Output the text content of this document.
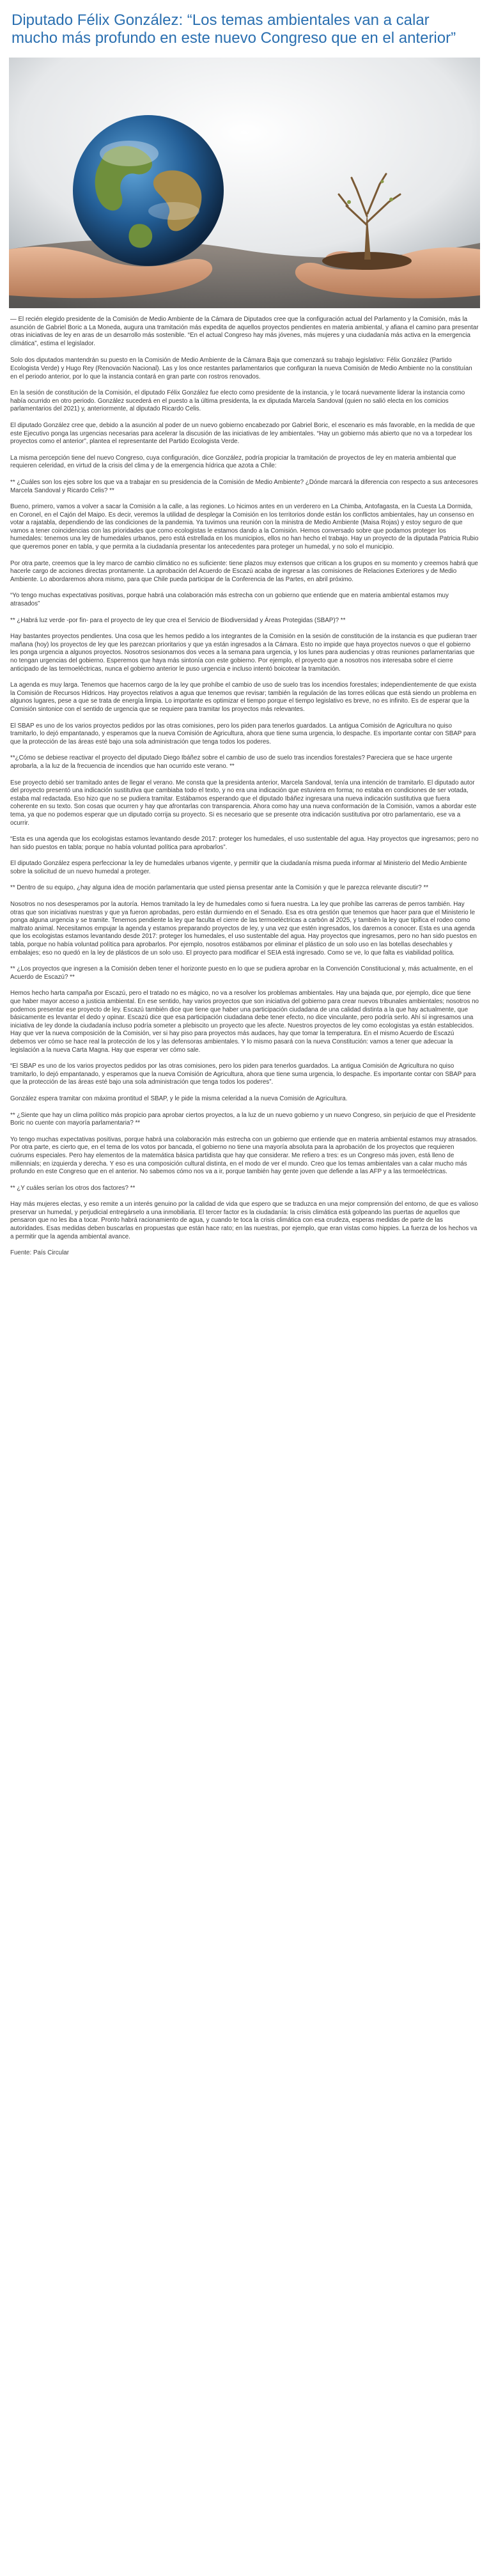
Diputado Félix González: “Los temas ambientales van a calar mucho más profundo en este nuevo Congreso que en el anterior”

— El recién elegido presidente de la Comisión de Medio Ambiente de la Cámara de Diputados cree que la configuración actual del Parlamento y la Comisión, más la asunción de Gabriel Boric a La Moneda, augura una tramitación más expedita de aquellos proyectos pendientes en materia ambiental, y afiana el camino para presentar otras iniciativas de ley en aras de un desarrollo más sostenible. “En el actual Congreso hay más jóvenes, más mujeres y una ciudadanía más activa en la emergencia climática”, estima el legislador.

Solo dos diputados mantendrán su puesto en la Comisión de Medio Ambiente de la Cámara Baja que comenzará su trabajo legislativo: Félix González (Partido Ecologista Verde) y Hugo Rey (Renovación Nacional). Las y los once restantes parlamentarios que configuran la nueva Comisión de Medio Ambiente no la constituían en el periodo anterior, por lo que la instancia contará en gran parte con rostros renovados.

En la sesión de constitución de la Comisión, el diputado Félix González fue electo como presidente de la instancia, y le tocará nuevamente liderar la instancia como había ocurrido en otro periodo. González sucederá en el puesto a la última presidenta, la ex diputada Marcela Sandoval (quien no salió electa en los comicios parlamentarios del 2021) y, anteriormente, al diputado Ricardo Celis.

El diputado González cree que, debido a la asunción al poder de un nuevo gobierno encabezado por Gabriel Boric, el escenario es más favorable, en la medida de que este Ejecutivo ponga las urgencias necesarias para acelerar la discusión de las iniciativas de ley ambientales. “Hay un gobierno más abierto que no va a torpedear los proyectos como el anterior”, plantea el representante del Partido Ecologista Verde.

La misma percepción tiene del nuevo Congreso, cuya configuración, dice González, podría propiciar la tramitación de proyectos de ley en materia ambiental que requieren celeridad, en virtud de la crisis del clima y de la emergencia hídrica que azota a Chile:

** ¿Cuáles son los ejes sobre los que va a trabajar en su presidencia de la Comisión de Medio Ambiente? ¿Dónde marcará la diferencia con respecto a sus antecesores Marcela Sandoval y Ricardo Celis? **

Bueno, primero, vamos a volver a sacar la Comisión a la calle, a las regiones. Lo hicimos antes en un verderero en La Chimba, Antofagasta, en la Cuesta La Dormida, en Coronel, en el Cajón del Maipo. Es decir, veremos la utilidad de desplegar la Comisión en los territorios donde están los conflictos ambientales, hay un consenso en votar a rajatabla, dependiendo de las condiciones de la pandemia. Ya tuvimos una reunión con la ministra de Medio Ambiente (Maisa Rojas) y estoy seguro de que vamos a tener coincidencias con las prioridades que como ecologistas le estamos dando a la Comisión. Hemos conversado sobre que podamos proteger los humedales: tenemos una ley de humedales urbanos, pero está estrellada en los municipios, ellos no han hecho el trabajo. Hay un proyecto de la diputada Patricia Rubio que queremos poner en tabla, y que permita a la ciudadanía presentar los antecedentes para proteger un humedal, y no solo el municipio.

Por otra parte, creemos que la ley marco de cambio climático no es suficiente: tiene plazos muy extensos que critican a los grupos en su momento y creemos habrá que hacerle cargo de acciones directas prontamente. La aprobación del Acuerdo de Escazú acaba de ingresar a las comisiones de Relaciones Exteriores y de Medio Ambiente. Lo abordaremos ahora mismo, para que Chile pueda participar de la Conferencia de las Partes, en abril próximo.

“Yo tengo muchas expectativas positivas, porque habrá una colaboración más estrecha con un gobierno que entiende que en materia ambiental estamos muy atrasados”

** ¿Habrá luz verde -por fin- para el proyecto de ley que crea el Servicio de Biodiversidad y Áreas Protegidas (SBAP)? **

Hay bastantes proyectos pendientes. Una cosa que les hemos pedido a los integrantes de la Comisión en la sesión de constitución de la instancia es que pudieran traer mañana (hoy) los proyectos de ley que les parezcan prioritarios y que ya están ingresados a la Cámara. Esto no impide que haya proyectos nuevos o que el gobierno les ponga urgencia a algunos proyectos. Nosotros sesionamos dos veces a la semana para urgencia, y los lunes para audiencias y otras reuniones parlamentarias que no tengan urgencias del gobierno. Esperemos que haya más sintonía con este gobierno. Por ejemplo, el proyecto que a nosotros nos interesaba sobre el cierre anticipado de las termoeléctricas, nunca el gobierno anterior le puso urgencia e incluso intentó boicotear la tramitación.

La agenda es muy larga. Tenemos que hacernos cargo de la ley que prohíbe el cambio de uso de suelo tras los incendios forestales; independientemente de que exista la Comisión de Recursos Hídricos. Hay proyectos relativos a agua que tenemos que revisar; también la regulación de las torres eólicas que está siendo un problema en algunos lugares, pese a que se trata de energía limpia. Lo importante es optimizar el tiempo porque el tiempo legislativo es breve, no es infinito. Es de esperar que la Comisión sintonice con el sentido de urgencia que se requiere para tramitar los proyectos más relevantes.

El SBAP es uno de los varios proyectos pedidos por las otras comisiones, pero los piden para tenerlos guardados. La antigua Comisión de Agricultura no quiso tramitarlo, lo dejó empantanado, y esperamos que la nueva Comisión de Agricultura, ahora que tiene suma urgencia, lo despache. Es importante contar con SBAP para que la protección de las áreas esté bajo una sola administración que tenga todos los poderes.

**¿Cómo se debiese reactivar el proyecto del diputado Diego Ibáñez sobre el cambio de uso de suelo tras incendios forestales? Pareciera que se hace urgente aprobarla, a la luz de la frecuencia de incendios que han ocurrido este verano. **

Ese proyecto debió ser tramitado antes de llegar el verano. Me consta que la presidenta anterior, Marcela Sandoval, tenía una intención de tramitarlo. El diputado autor del proyecto presentó una indicación sustitutiva que cambiaba todo el texto, y no era una indicación que estuviera en forma; no estaba en condiciones de ser votada, estaba mal redactada. Eso hizo que no se pudiera tramitar. Estábamos esperando que el diputado Ibáñez ingresara una nueva indicación sustitutiva que fuera coherente en su texto. Son cosas que ocurren y hay que afrontarlas con transparencia. Ahora como hay una nueva conformación de la Comisión, vamos a abordar este tema, ya que no podemos esperar que un diputado corrija su proyecto. Si es necesario que se presente otra indicación sustitutiva por otro parlamentario, ese va a ocurrir.

“Esta es una agenda que los ecologistas estamos levantando desde 2017: proteger los humedales, el uso sustentable del agua. Hay proyectos que ingresamos; pero no han sido puestos en tabla; porque no había voluntad política para aprobarlos”.

El diputado González espera perfeccionar la ley de humedales urbanos vigente, y permitir que la ciudadanía misma pueda informar al Ministerio del Medio Ambiente sobre la solicitud de un nuevo humedal a proteger.

** Dentro de su equipo, ¿hay alguna idea de moción parlamentaria que usted piensa presentar ante la Comisión y que le parezca relevante discutir? **

Nosotros no nos desesperamos por la autoría. Hemos tramitado la ley de humedales como si fuera nuestra. La ley que prohíbe las carreras de perros también. Hay otras que son iniciativas nuestras y que ya fueron aprobadas, pero están durmiendo en el Senado. Esa es otra gestión que tenemos que hacer para que el Ministerio le ponga alguna urgencia y se tramite. Tenemos pendiente la ley que faculta el cierre de las termoeléctricas a carbón al 2025, y también la ley que tipifica el rodeo como maltrato animal. Necesitamos empujar la agenda y estamos preparando proyectos de ley, y una vez que estén ingresados, los daremos a conocer. Esta es una agenda que los ecologistas estamos levantando desde 2017: proteger los humedales, el uso sustentable del agua. Hay proyectos que ingresamos, pero no han sido puestos en tabla, porque no había voluntad política para aprobarlos. Por ejemplo, nosotros estábamos por eliminar el plástico de un solo uso en las botellas desechables y embalajes; eso no quedó en la ley de plásticos de un solo uso. El proyecto para modificar el SEIA está ingresado. Como se ve, lo que falta es viabilidad política.

** ¿Los proyectos que ingresen a la Comisión deben tener el horizonte puesto en lo que se pudiera aprobar en la Convención Constitucional y, más actualmente, en el Acuerdo de Escazú? **

Hemos hecho harta campaña por Escazú, pero el tratado no es mágico, no va a resolver los problemas ambientales. Hay una bajada que, por ejemplo, dice que tiene que haber mayor acceso a justicia ambiental. En ese sentido, hay varios proyectos que son iniciativa del gobierno para crear nuevos tribunales ambientales; nosotros no podemos presentar ese proyecto de ley. Escazú también dice que tiene que haber una participación ciudadana de una calidad distinta a la que hay actualmente, que básicamente es levantar el dedo y opinar. Escazú dice que esa participación ciudadana debe tener efecto, no dice vinculante, pero podría serlo. Ahí sí ingresamos una iniciativa de ley donde la ciudadanía incluso podría someter a plebiscito un proyecto que les afecte. Nuestros proyectos de ley como ecologistas ya están establecidos. Hay que ver la nueva composición de la Comisión, ver si hay piso para proyectos más audaces, hay que tomar la temperatura. En el mismo Acuerdo de Escazú debemos ver cómo se hace real la protección de los y las defensoras ambientales. Y lo mismo pasará con la nueva Constitución: vamos a tener que adecuar la legislación a la nueva Carta Magna. Hay que esperar ver cómo sale.

“El SBAP es uno de los varios proyectos pedidos por las otras comisiones, pero los piden para tenerlos guardados. La antigua Comisión de Agricultura no quiso tramitarlo, lo dejó empantanado, y esperamos que la nueva Comisión de Agricultura, ahora que tiene suma urgencia, lo despache. Es importante contar con SBAP para que la protección de las áreas esté bajo una sola administración que tenga todos los poderes”.

González espera tramitar con máxima prontitud el SBAP, y le pide la misma celeridad a la nueva Comisión de Agricultura.

** ¿Siente que hay un clima político más propicio para aprobar ciertos proyectos, a la luz de un nuevo gobierno y un nuevo Congreso, sin perjuicio de que el Presidente Boric no cuente con mayoría parlamentaria? **

Yo tengo muchas expectativas positivas, porque habrá una colaboración más estrecha con un gobierno que entiende que en materia ambiental estamos muy atrasados. Por otra parte, es cierto que, en el tema de los votos por bancada, el gobierno no tiene una mayoría absoluta para la aprobación de los proyectos que requieren cuórums especiales. Pero hay elementos de la matemática básica partidista que hay que considerar. Me refiero a tres: es un Congreso más joven, está lleno de millennials; en izquierda y derecha. Y eso es una composición cultural distinta, en el modo de ver el mundo. Creo que los temas ambientales van a calar mucho más profundo en este Congreso que en el anterior. No sabemos cómo nos va a ir, porque también hay gente joven que defiende a las AFP y a las termoeléctricas.

** ¿Y cuáles serían los otros dos factores? **

Hay más mujeres electas, y eso remite a un interés genuino por la calidad de vida que espero que se traduzca en una mejor comprensión del entorno, de que es valioso preservar un humedal, y perjudicial entregárselo a una inmobiliaria. El tercer factor es la ciudadanía: la crisis climática está golpeando las puertas de aquellos que pensaron que no les iba a tocar. Pronto habrá racionamiento de agua, y cuando te toca la crisis climática con esa crudeza, esperas medidas de parte de las autoridades. Esas medidas deben buscarlas en propuestas que están hace rato; en las nuestras, por ejemplo, que eran vistas como hippies. La fuerza de los hechos va a permitir que la agenda ambiental avance.

Fuente: País Circular
